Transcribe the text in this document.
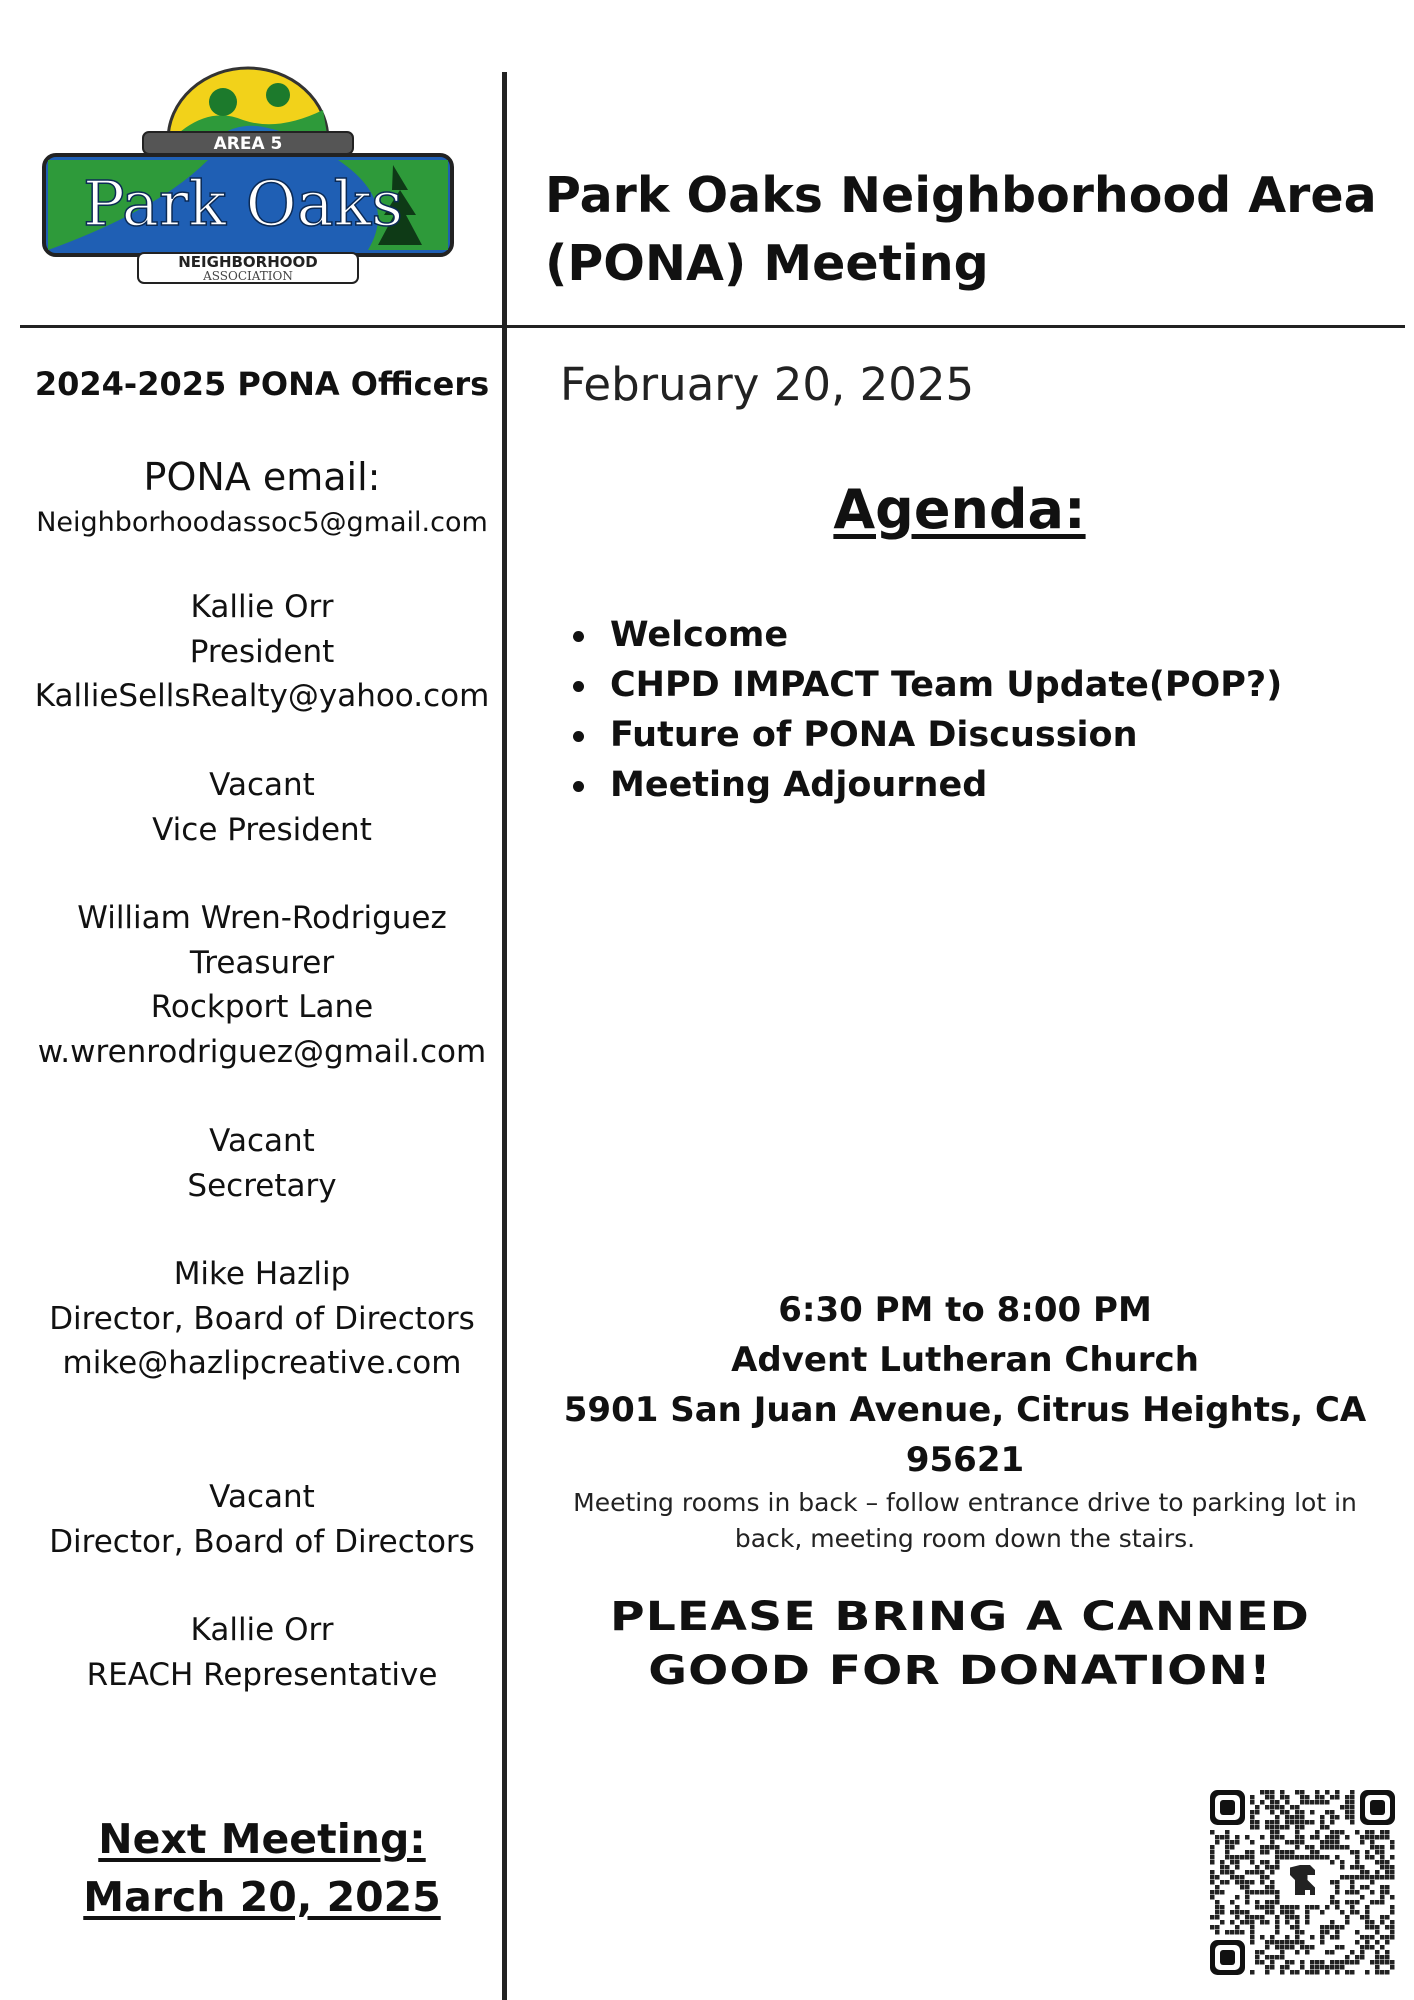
AREA 5
Park Oaks
NEIGHBORHOOD
ASSOCIATION
Park Oaks Neighborhood Area (PONA) Meeting
February 20, 2025
Agenda:
Welcome
CHPD IMPACT Team Update(POP?)
Future of PONA Discussion
Meeting Adjourned
6:30 PM to 8:00 PM
Advent Lutheran Church
5901 San Juan Avenue, Citrus Heights, CA 95621
Meeting rooms in back – follow entrance drive to parking lot in back, meeting room down the stairs.
PLEASE BRING A CANNED
GOOD FOR DONATION!
2024-2025 PONA Officers
PONA email:
Neighborhoodassoc5@gmail.com
Kallie Orr
President
KallieSellsRealty@yahoo.com
Vacant
Vice President
William Wren-Rodriguez
Treasurer
Rockport Lane
w.wrenrodriguez@gmail.com
Vacant
Secretary
Mike Hazlip
Director, Board of Directors
mike@hazlipcreative.com
Vacant
Director, Board of Directors
Kallie Orr
REACH Representative
Next Meeting:
March 20, 2025
